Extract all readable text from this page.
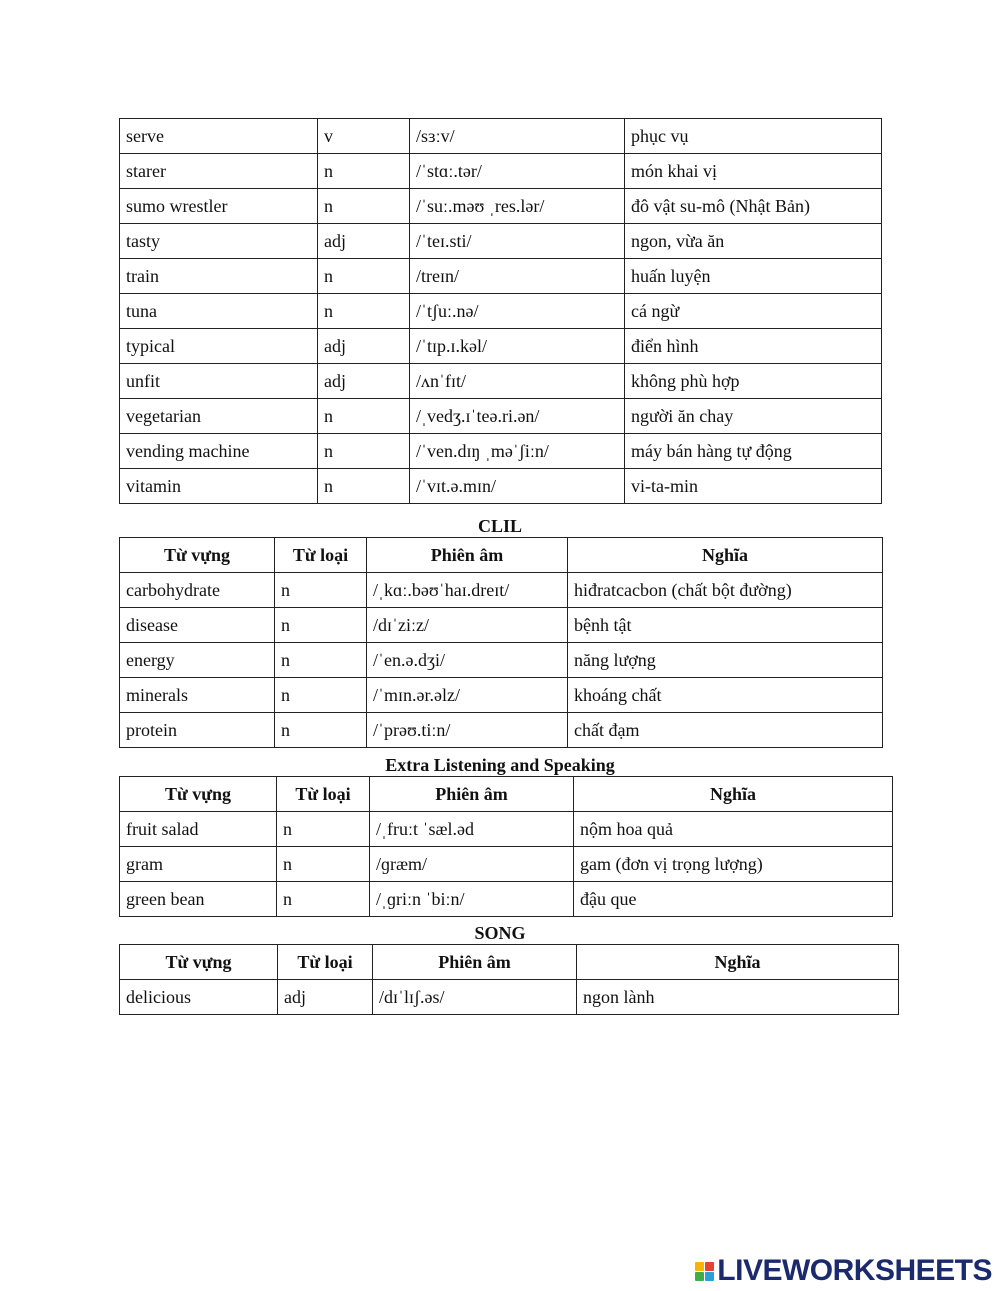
serve	v	/sɜːv/	phục vụ
starer	n	/ˈstɑː.tər/	món khai vị
sumo wrestler	n	/ˈsuː.məʊ ˌres.lər/	đô vật su-mô (Nhật Bản)
tasty	adj	/ˈteɪ.sti/	ngon, vừa ăn
train	n	/treɪn/	huấn luyện
tuna	n	/ˈtʃuː.nə/	cá ngừ
typical	adj	/ˈtɪp.ɪ.kəl/	điển hình
unfit	adj	/ʌnˈfɪt/	không phù hợp
vegetarian	n	/ˌvedʒ.ɪˈteə.ri.ən/	người ăn chay
vending machine	n	/ˈven.dɪŋ ˌməˈʃiːn/	máy bán hàng tự động
vitamin	n	/ˈvɪt.ə.mɪn/	vi-ta-min
CLIL
Từ vựng	Từ loại	Phiên âm	Nghĩa
carbohydrate	n	/ˌkɑː.bəʊˈhaɪ.dreɪt/	hiđratcacbon (chất bột đường)
disease	n	/dɪˈziːz/	bệnh tật
energy	n	/ˈen.ə.dʒi/	năng lượng
minerals	n	/ˈmɪn.ər.əlz/	khoáng chất
protein	n	/ˈprəʊ.tiːn/	chất đạm
Extra Listening and Speaking
Từ vựng	Từ loại	Phiên âm	Nghĩa
fruit salad	n	/ˌfruːt ˈsæl.əd	nộm hoa quả
gram	n	/ɡræm/	gam (đơn vị trọng lượng)
green bean	n	/ˌɡriːn ˈbiːn/	đậu que
SONG
Từ vựng	Từ loại	Phiên âm	Nghĩa
delicious	adj	/dɪˈlɪʃ.əs/	ngon lành
LIVEWORKSHEETS
